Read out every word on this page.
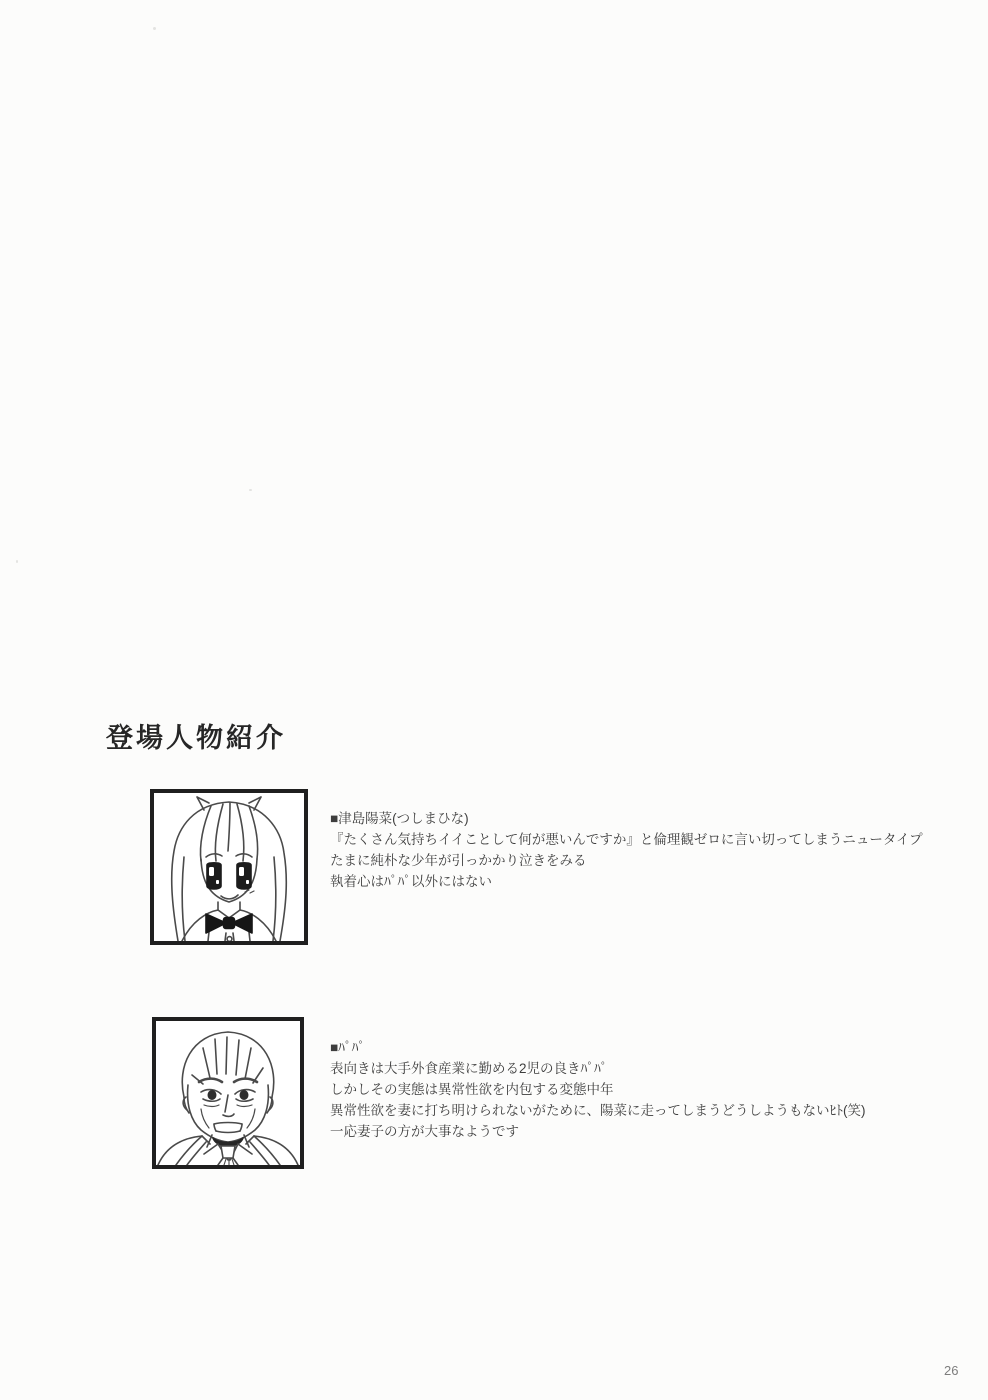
登場人物紹介
■津島陽菜(つしまひな)
『たくさん気持ちイイことして何が悪いんですか』と倫理観ゼロに言い切ってしまうニュータイプ
たまに純朴な少年が引っかかり泣きをみる
執着心はﾊﾟﾊﾟ以外にはない
■ﾊﾟﾊﾟ
表向きは大手外食産業に勤める2児の良きﾊﾟﾊﾟ
しかしその実態は異常性欲を内包する変態中年
異常性欲を妻に打ち明けられないがために、陽菜に走ってしまうどうしようもないﾋﾄ(笑)
一応妻子の方が大事なようです
26
